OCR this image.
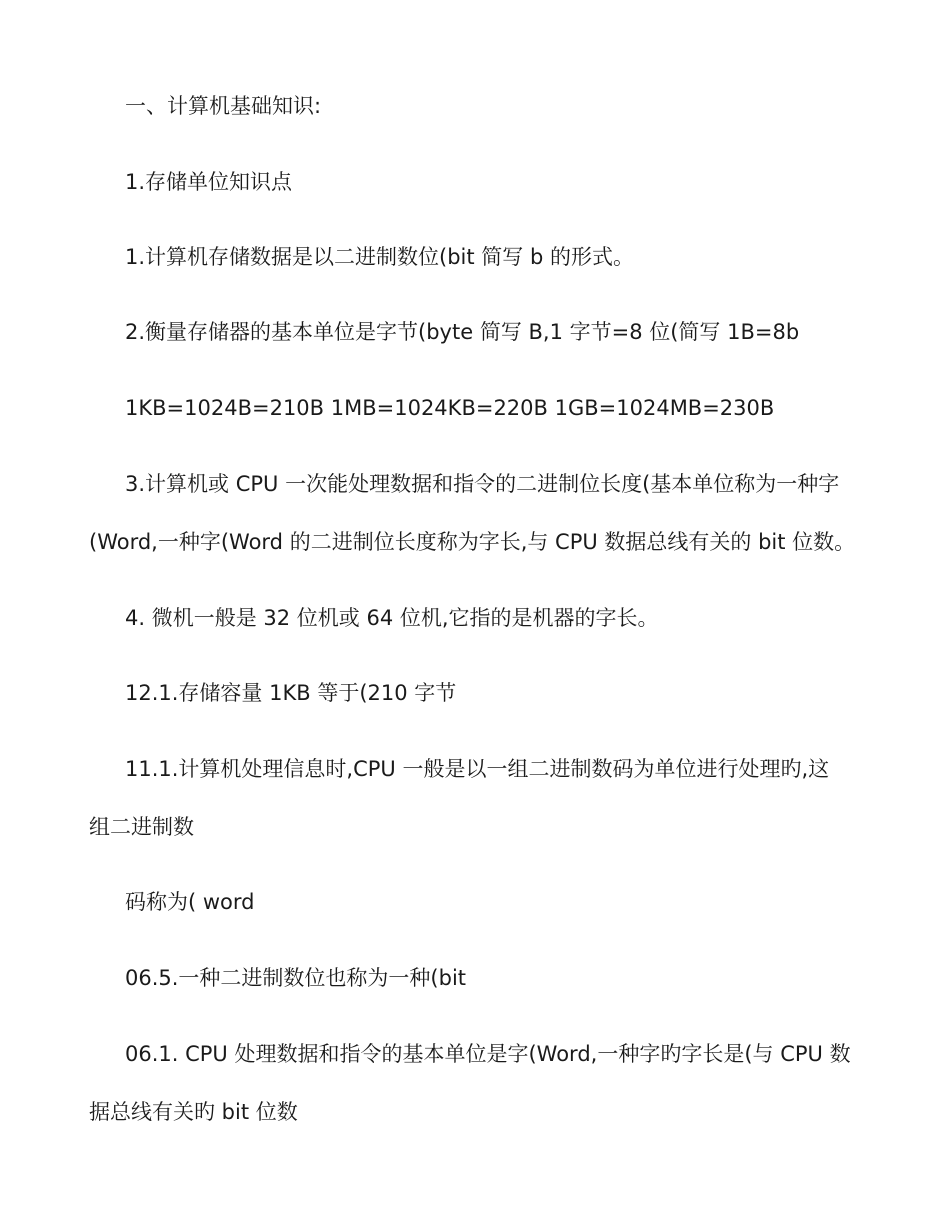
一、计算机基础知识:
1.存储单位知识点
1.计算机存储数据是以二进制数位(bit 简写 b 的形式。
2.衡量存储器的基本单位是字节(byte 简写 B,1 字节=8 位(简写 1B=8b
1KB=1024B=210B 1MB=1024KB=220B 1GB=1024MB=230B
3.计算机或 CPU 一次能处理数据和指令的二进制位长度(基本单位称为一种字
(Word,一种字(Word 的二进制位长度称为字长,与 CPU 数据总线有关的 bit 位数。
4. 微机一般是 32 位机或 64 位机,它指的是机器的字长。
12.1.存储容量 1KB 等于(210 字节
11.1.计算机处理信息时,CPU 一般是以一组二进制数码为单位进行处理旳,这
组二进制数
码称为( word
06.5.一种二进制数位也称为一种(bit
06.1. CPU 处理数据和指令的基本单位是字(Word,一种字旳字长是(与 CPU 数
据总线有关旳 bit 位数
